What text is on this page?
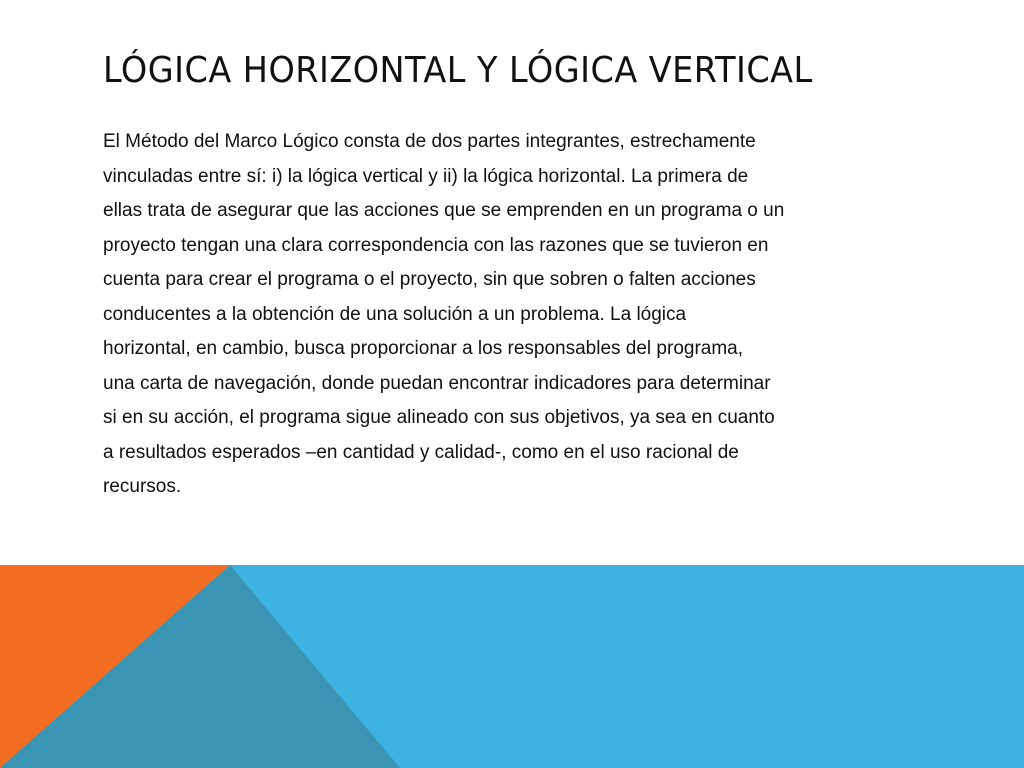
LÓGICA HORIZONTAL Y LÓGICA VERTICAL
El Método del Marco Lógico consta de dos partes integrantes, estrechamente
vinculadas entre sí: i) la lógica vertical y ii) la lógica horizontal. La primera de
ellas trata de asegurar que las acciones que se emprenden en un programa o un
proyecto tengan una clara correspondencia con las razones que se tuvieron en
cuenta para crear el programa o el proyecto, sin que sobren o falten acciones
conducentes a la obtención de una solución a un problema. La lógica
horizontal, en cambio, busca proporcionar a los responsables del programa,
una carta de navegación, donde puedan encontrar indicadores para determinar
si en su acción, el programa sigue alineado con sus objetivos, ya sea en cuanto
a resultados esperados –en cantidad y calidad-, como en el uso racional de
recursos.
